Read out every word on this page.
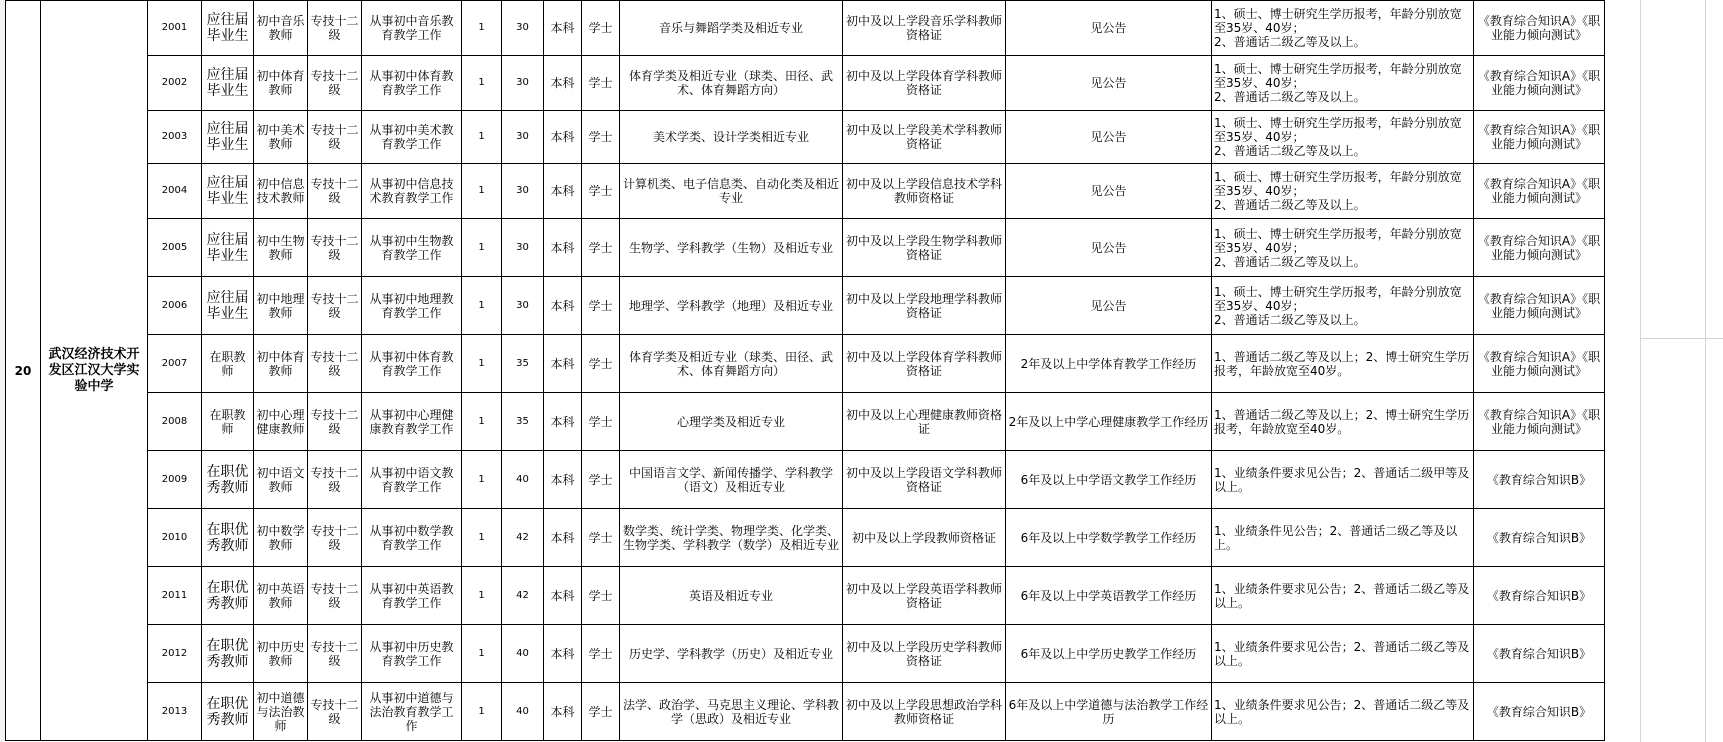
20	武汉经济技术开发区江汉大学实验中学	2001	应往届毕业生	初中音乐教师	专技十二级	从事初中音乐教育教学工作	1	30	本科	学士	音乐与舞蹈学类及相近专业	初中及以上学段音乐学科教师资格证	见公告	1、硕士、博士研究生学历报考，年龄分别放宽至35岁、40岁；
2、普通话二级乙等及以上。	《教育综合知识A》《职业能力倾向测试》	
		2002	应往届毕业生	初中体育教师	专技十二级	从事初中体育教育教学工作	1	30	本科	学士	体育学类及相近专业（球类、田径、武术、体育舞蹈方向）	初中及以上学段体育学科教师资格证	见公告	1、硕士、博士研究生学历报考，年龄分别放宽至35岁、40岁；
2、普通话二级乙等及以上。	《教育综合知识A》《职业能力倾向测试》	
		2003	应往届毕业生	初中美术教师	专技十二级	从事初中美术教育教学工作	1	30	本科	学士	美术学类、设计学类相近专业	初中及以上学段美术学科教师资格证	见公告	1、硕士、博士研究生学历报考，年龄分别放宽至35岁、40岁；
2、普通话二级乙等及以上。	《教育综合知识A》《职业能力倾向测试》	
		2004	应往届毕业生	初中信息技术教师	专技十二级	从事初中信息技术教育教学工作	1	30	本科	学士	计算机类、电子信息类、自动化类及相近专业	初中及以上学段信息技术学科教师资格证	见公告	1、硕士、博士研究生学历报考，年龄分别放宽至35岁、40岁；
2、普通话二级乙等及以上。	《教育综合知识A》《职业能力倾向测试》	
		2005	应往届毕业生	初中生物教师	专技十二级	从事初中生物教育教学工作	1	30	本科	学士	生物学、学科教学（生物）及相近专业	初中及以上学段生物学科教师资格证	见公告	1、硕士、博士研究生学历报考，年龄分别放宽至35岁、40岁；
2、普通话二级乙等及以上。	《教育综合知识A》《职业能力倾向测试》	
		2006	应往届毕业生	初中地理教师	专技十二级	从事初中地理教育教学工作	1	30	本科	学士	地理学、学科教学（地理）及相近专业	初中及以上学段地理学科教师资格证	见公告	1、硕士、博士研究生学历报考，年龄分别放宽至35岁、40岁；
2、普通话二级乙等及以上。	《教育综合知识A》《职业能力倾向测试》	
		2007	在职教师	初中体育教师	专技十二级	从事初中体育教育教学工作	1	35	本科	学士	体育学类及相近专业（球类、田径、武术、体育舞蹈方向）	初中及以上学段体育学科教师资格证	2年及以上中学体育教学工作经历	1、普通话二级乙等及以上；2、博士研究生学历报考，年龄放宽至40岁。	《教育综合知识A》《职业能力倾向测试》	
		2008	在职教师	初中心理健康教师	专技十二级	从事初中心理健康教育教学工作	1	35	本科	学士	心理学类及相近专业	初中及以上心理健康教师资格证	2年及以上中学心理健康教学工作经历	1、普通话二级乙等及以上；2、博士研究生学历报考，年龄放宽至40岁。	《教育综合知识A》《职业能力倾向测试》	
		2009	在职优秀教师	初中语文教师	专技十二级	从事初中语文教育教学工作	1	40	本科	学士	中国语言文学、新闻传播学、学科教学（语文）及相近专业	初中及以上学段语文学科教师资格证	6年及以上中学语文教学工作经历	1、业绩条件要求见公告；2、普通话二级甲等及以上。	《教育综合知识B》	
		2010	在职优秀教师	初中数学教师	专技十二级	从事初中数学教育教学工作	1	42	本科	学士	数学类、统计学类、物理学类、化学类、生物学类、学科教学（数学）及相近专业	初中及以上学段教师资格证	6年及以上中学数学教学工作经历	1、业绩条件见公告；2、普通话二级乙等及以上。	《教育综合知识B》	
		2011	在职优秀教师	初中英语教师	专技十二级	从事初中英语教育教学工作	1	42	本科	学士	英语及相近专业	初中及以上学段英语学科教师资格证	6年及以上中学英语教学工作经历	1、业绩条件要求见公告；2、普通话二级乙等及以上。	《教育综合知识B》	
		2012	在职优秀教师	初中历史教师	专技十二级	从事初中历史教育教学工作	1	40	本科	学士	历史学、学科教学（历史）及相近专业	初中及以上学段历史学科教师资格证	6年及以上中学历史教学工作经历	1、业绩条件要求见公告；2、普通话二级乙等及以上。	《教育综合知识B》	
		2013	在职优秀教师	初中道德与法治教师	专技十二级	从事初中道德与法治教育教学工作	1	40	本科	学士	法学、政治学、马克思主义理论、学科教学（思政）及相近专业	初中及以上学段思想政治学科教师资格证	6年及以上中学道德与法治教学工作经历	1、业绩条件要求见公告；2、普通话二级乙等及以上。	《教育综合知识B》	
